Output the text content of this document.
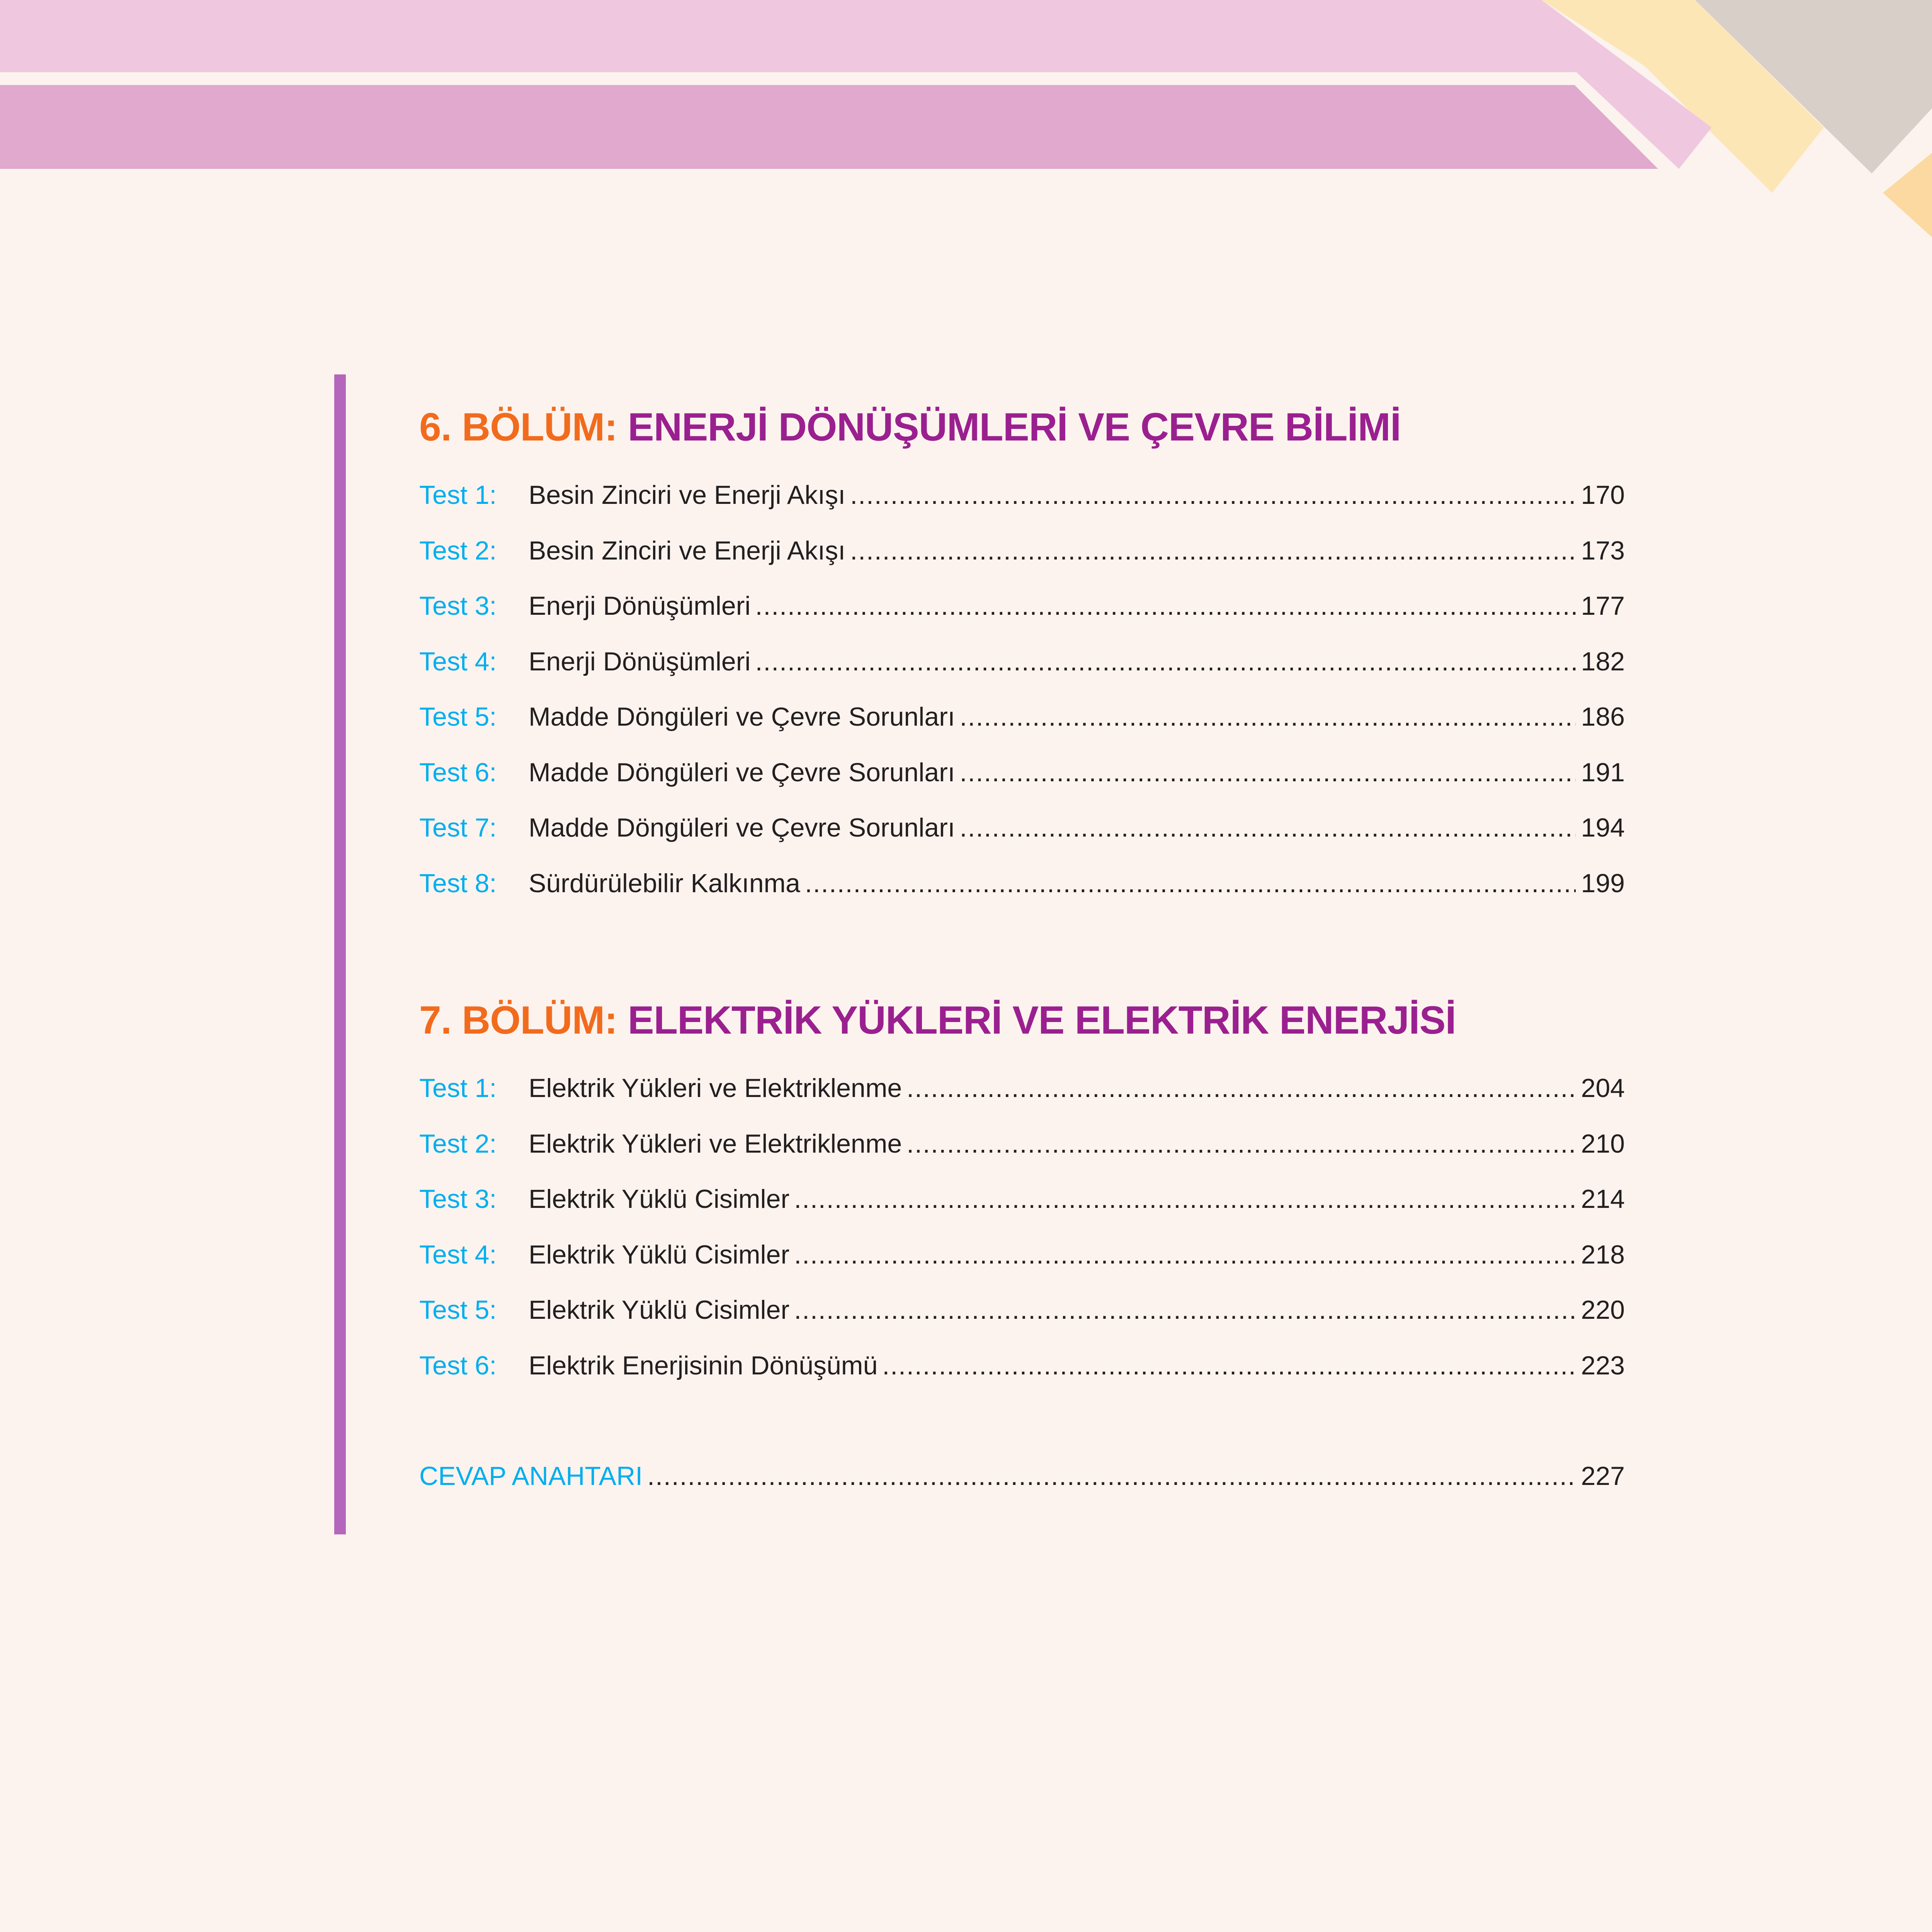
6. BÖLÜM: ENERJİ DÖNÜŞÜMLERİ VE ÇEVRE BİLİMİ
Test 1:	Besin Zinciri ve Enerji Akışı .....	170
Test 2:	Besin Zinciri ve Enerji Akışı .....	173
Test 3:	Enerji Dönüşümleri .....	177
Test 4:	Enerji Dönüşümleri .....	182
Test 5:	Madde Döngüleri ve Çevre Sorunları .....	186
Test 6:	Madde Döngüleri ve Çevre Sorunları .....	191
Test 7:	Madde Döngüleri ve Çevre Sorunları .....	194
Test 8:	Sürdürülebilir Kalkınma .....	199
7. BÖLÜM: ELEKTRİK YÜKLERİ VE ELEKTRİK ENERJİSİ
Test 1:	Elektrik Yükleri ve Elektriklenme .....	204
Test 2:	Elektrik Yükleri ve Elektriklenme .....	210
Test 3:	Elektrik Yüklü Cisimler .....	214
Test 4:	Elektrik Yüklü Cisimler .....	218
Test 5:	Elektrik Yüklü Cisimler .....	220
Test 6:	Elektrik Enerjisinin Dönüşümü .....	223
CEVAP ANAHTARI .....	227
